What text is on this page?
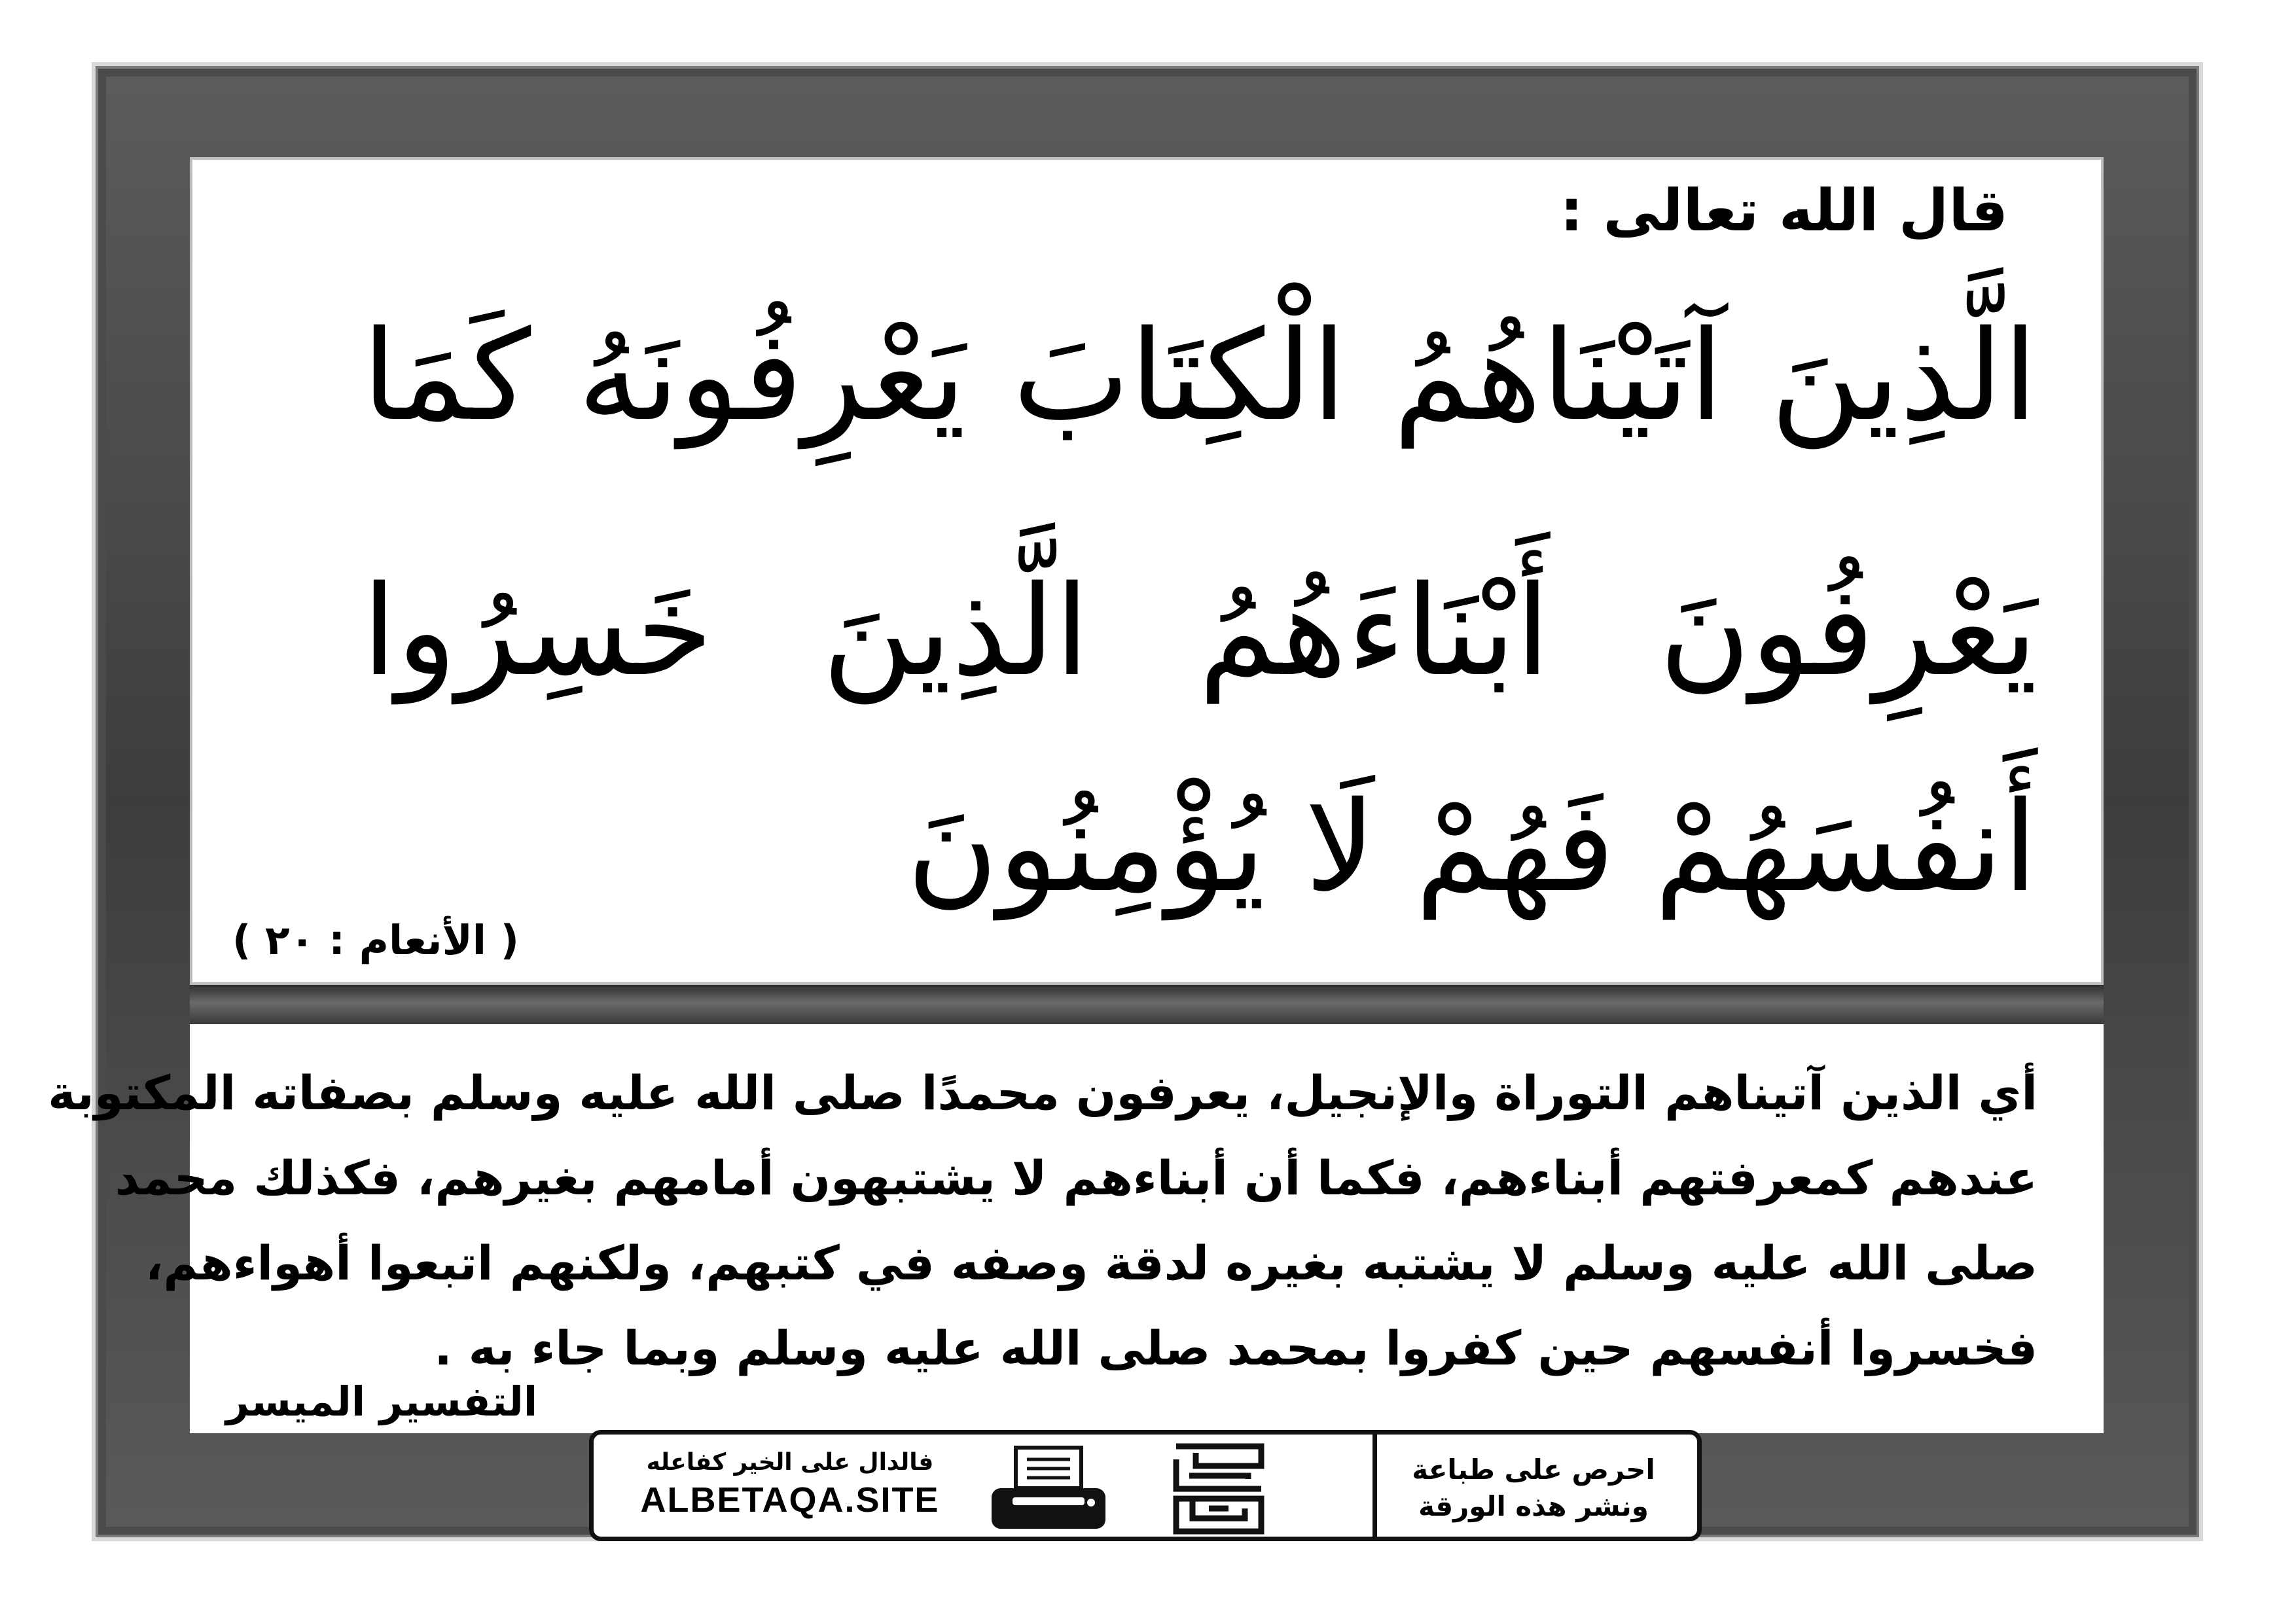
قال الله تعالى :
الَّذِينَ آتَيْنَاهُمُ الْكِتَابَ يَعْرِفُونَهُ كَمَا
يَعْرِفُونَ أَبْنَاءَهُمُ الَّذِينَ خَسِرُوا
أَنفُسَهُمْ فَهُمْ لَا يُؤْمِنُونَ
( الأنعام : ٢٠ )
أي الذين آتيناهم التوراة والإنجيل، يعرفون محمدًا صلى الله عليه وسلم بصفاته المكتوبة
عندهم كمعرفتهم أبناءهم، فكما أن أبناءهم لا يشتبهون أمامهم بغيرهم، فكذلك محمد
صلى الله عليه وسلم لا يشتبه بغيره لدقة وصفه في كتبهم، ولكنهم اتبعوا أهواءهم،
فخسروا أنفسهم حين كفروا بمحمد صلى الله عليه وسلم وبما جاء به .
التفسير الميسر
احرص على طباعة
ونشر هذه الورقة
فالدال على الخير كفاعله
ALBETAQA.SITE
